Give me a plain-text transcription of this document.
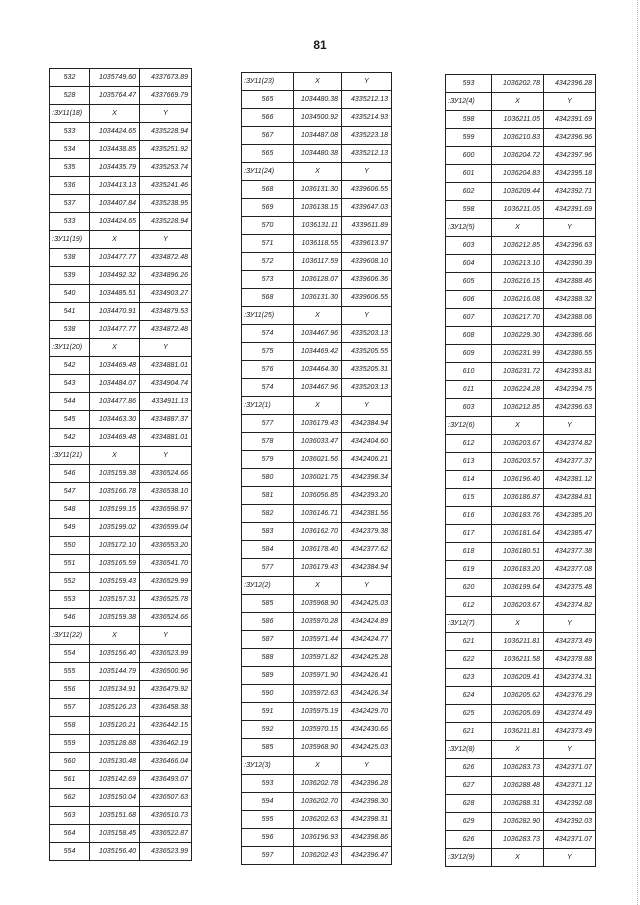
81
532	1035749.60	4337673.89
528	1035764.47	4337669.79
:ЗУ11(18)	X	Y
533	1034424.65	4335228.94
534	1034438.85	4335251.92
535	1034435.79	4335253.74
536	1034413.13	4335241.46
537	1034407.84	4335238.95
533	1034424.65	4335228.94
:ЗУ11(19)	X	Y
538	1034477.77	4334872.48
539	1034492.32	4334896.26
540	1034485.51	4334903.27
541	1034470.91	4334879.53
538	1034477.77	4334872.48
:ЗУ11(20)	X	Y
542	1034469.48	4334881.01
543	1034484.07	4334904.74
544	1034477.86	4334911.13
545	1034463.30	4334887.37
542	1034469.48	4334881.01
:ЗУ11(21)	X	Y
546	1035159.38	4336524.66
547	1035166.78	4336538.10
548	1035199.15	4336598.97
549	1035199.02	4336599.04
550	1035172.10	4336553.20
551	1035165.59	4336541.70
552	1035159.43	4336529.99
553	1035157.31	4336525.78
546	1035159.38	4336524.66
:ЗУ11(22)	X	Y
554	1035156.40	4336523.99
555	1035144.79	4336500.96
556	1035134.91	4336479.92
557	1035126.23	4336458.38
558	1035120.21	4336442.15
559	1035128.88	4336462.19
560	1035130.48	4336466.04
561	1035142.69	4336493.07
562	1035150.04	4336507.63
563	1035151.68	4336510.73
564	1035158.45	4336522.87
554	1035156.40	4336523.99
:ЗУ11(23)	X	Y
565	1034480.38	4335212.13
566	1034500.92	4335214.93
567	1034487.08	4335223.18
565	1034480.38	4335212.13
:ЗУ11(24)	X	Y
568	1036131.30	4339606.55
569	1036138.15	4339647.03
570	1036131.11	4339611.89
571	1036118.55	4339613.97
572	1036117.59	4339608.10
573	1036128.07	4339606.36
568	1036131.30	4339606.55
:ЗУ11(25)	X	Y
574	1034467.96	4335203.13
575	1034469.42	4335205.55
576	1034464.30	4335205.31
574	1034467.96	4335203.13
:ЗУ12(1)	X	Y
577	1036179.43	4342384.94
578	1036033.47	4342404.60
579	1036021.56	4342406.21
580	1036021.75	4342398.34
581	1036056.85	4342393.20
582	1036146.71	4342381.56
583	1036162.70	4342379.38
584	1036178.40	4342377.62
577	1036179.43	4342384.94
:ЗУ12(2)	X	Y
585	1035968.90	4342425.03
586	1035970.28	4342424.89
587	1035971.44	4342424.77
588	1035971.82	4342425.28
589	1035971.90	4342426.41
590	1035972.63	4342426.34
591	1035975.19	4342429.70
592	1035970.15	4342430.66
585	1035968.90	4342425.03
:ЗУ12(3)	X	Y
593	1036202.78	4342396.28
594	1036202.70	4342398.30
595	1036202.63	4342398.31
596	1036196.93	4342398.86
597	1036202.43	4342396.47
593	1036202.78	4342396.28
:ЗУ12(4)	X	Y
598	1036211.05	4342391.69
599	1036210.83	4342396.96
600	1036204.72	4342397.96
601	1036204.83	4342395.18
602	1036209.44	4342392.71
598	1036211.05	4342391.69
:ЗУ12(5)	X	Y
603	1036212.85	4342396.63
604	1036213.10	4342390.39
605	1036216.15	4342388.46
606	1036216.08	4342388.32
607	1036217.70	4342388.06
608	1036229.30	4342386.66
609	1036231.99	4342386.55
610	1036231.72	4342393.81
611	1036224.28	4342394.75
603	1036212.85	4342396.63
:ЗУ12(6)	X	Y
612	1036203.67	4342374.82
613	1036203.57	4342377.37
614	1036196.40	4342381.12
615	1036186.87	4342384.81
616	1036183.76	4342385.20
617	1036181.64	4342385.47
618	1036180.51	4342377.38
619	1036183.20	4342377.08
620	1036199.64	4342375.48
612	1036203.67	4342374.82
:ЗУ12(7)	X	Y
621	1036211.81	4342373.49
622	1036211.58	4342378.88
623	1036209.41	4342374.31
624	1036205.62	4342376.29
625	1036205.69	4342374.49
621	1036211.81	4342373.49
:ЗУ12(8)	X	Y
626	1036283.73	4342371.07
627	1036288.48	4342371.12
628	1036288.31	4342392.08
629	1036282.90	4342392.03
626	1036283.73	4342371.07
:ЗУ12(9)	X	Y
